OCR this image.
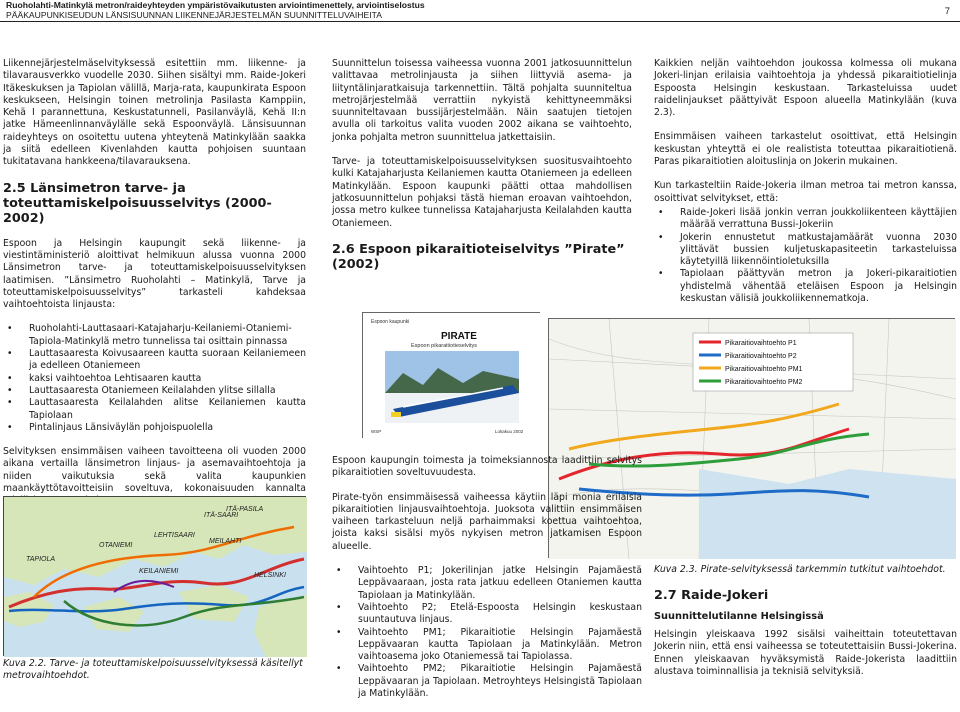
Ruoholahti-Matinkylä metron/raideyhteyden ympäristövaikutusten arviointimenettely, arviointiselostus
PÄÄKAUPUNKISEUDUN LÄNSISUUNNAN LIIKENNEJÄRJESTELMÄN SUUNNITTELUVAIHEITA	7

Liikennejärjestelmäselvityksessä esitettiin mm. liikenne- ja tilavarausverkko vuodelle 2030. Siihen sisältyi mm. Raide-Jokeri Itäkeskuksen ja Tapiolan välillä, Marja-rata, kaupunkirata Espoon keskukseen, Helsingin toinen metrolinja Pasilasta Kamppiin, Kehä I parannettuna, Keskustatunneli, Pasilanväylä, Kehä II:n jatke Hämeenlinnanväylälle sekä Espoonväylä. Länsisuunnan raideyhteys on osoitettu uutena yhteytenä Matinkylään saakka ja siitä edelleen Kivenlahden kautta pohjoisen suuntaan tukitatavana hankkeena/tilavarauksena.

2.5 Länsimetron tarve- ja toteuttamiskelpoisuusselvitys (2000-2002)

Espoon ja Helsingin kaupungit sekä liikenne- ja viestintäministeriö aloittivat helmikuun alussa vuonna 2000 Länsimetron tarve- ja toteuttamiskelpoisuusselvityksen laatimisen. ”Länsimetro Ruoholahti – Matinkylä, Tarve ja toteuttamiskelpoisuusselvitys” tarkasteli kahdeksaa vaihtoehtoista linjausta:

• Ruoholahti-Lauttasaari-Katajaharju-Keilaniemi-Otaniemi-Tapiola-Matinkylä metro tunnelissa tai osittain pinnassa
• Lauttasaaresta Koivusaareen kautta suoraan Keilaniemeen ja edelleen Otaniemeen
• kaksi vaihtoehtoa Lehtisaaren kautta
• Lauttasaaresta Otaniemeen Keilalahden ylitse sillalla
• Lauttasaaresta Keilalahden alitse Keilaniemen kautta Tapiolaan
• Pintalinjaus Länsiväylän pohjoispuolella

Selvityksen ensimmäisen vaiheen tavoitteena oli vuoden 2000 aikana vertailla länsimetron linjaus- ja asemavaihtoehtoja ja niiden vaikutuksia sekä valita kaupunkien maankäyttötavoitteisiin soveltuva, kokonaisuuden kannalta

ITÄ-PASILA
MEILAHTI
ITÄ-SAARI
TAPIOLA
OTANIEMI
KEILANIEMI
LEHTISAARI
HELSINKI
Kuva 2.2. Tarve- ja toteuttamiskelpoisuusselvityksessä käsitellyt metrovaihtoehdot.

Suunnittelun toisessa vaiheessa vuonna 2001 jatkosuunnittelun valittavaa metrolinjausta ja siihen liittyviä asema- ja liityntälinjaratkaisuja tarkennettiin. Tältä pohjalta suunniteltua metrojärjestelmää verrattiin nykyistä kehittyneemmäksi suunniteltavaan bussijärjestelmään. Näin saatujen tietojen avulla oli tarkoitus valita vuoden 2002 aikana se vaihtoehto, jonka pohjalta metron suunnittelua jatkettaisiin.

Tarve- ja toteuttamiskelpoisuusselvityksen suositusvaihtoehto kulki Katajaharjusta Keilaniemen kautta Otaniemeen ja edelleen Matinkylään. Espoon kaupunki päätti ottaa mahdollisen jatkosuunnittelun pohjaksi tästä hieman eroavan vaihtoehdon, jossa metro kulkee tunnelissa Katajaharjusta Keilalahden kautta Otaniemeen.

2.6 Espoon pikaraitioteiselvitys ”Pirate” (2002)
Espoon kaupunki
PIRATE
Espoon pikaraitiotieselvitys
WSP	Lokakuu 2002
Pikaraitiovaihtoehto P1
Pikaraitiovaihtoehto P2
Pikaraitiovaihtoehto PM1
Pikaraitiovaihtoehto PM2

Kaikkien neljän vaihtoehdon joukossa kolmessa oli mukana Jokeri-linjan erilaisia vaihtoehtoja ja yhdessä pikaraitiotielinja Espoosta Helsingin keskustaan. Tarkasteluissa uudet raidelinjaukset päättyivät Espoon alueella Matinkylään (kuva 2.3).

Ensimmäisen vaiheen tarkastelut osoittivat, että Helsingin keskustan yhteyttä ei ole realistista toteuttaa pikaraitiotienä. Paras pikaraitiotien aloituslinja on Jokerin mukainen.

Kun tarkasteltiin Raide-Jokeria ilman metroa tai metron kanssa, osoittivat selvitykset, että:

• Raide-Jokeri lisää jonkin verran joukkoliikenteen käyttäjien määrää verrattuna Bussi-Jokeriin
• Jokerin ennustetut matkustajamäärät vuonna 2030 ylittävät bussien kuljetuskapasiteetin tarkasteluissa käytetyillä liikennöintioletuksilla
• Tapiolaan päättyvän metron ja Jokeri-pikaraitiotien yhdistelmä vähentää eteläisen Espoon ja Helsingin keskustan välisiä joukkoliikennematkoja.
Kuva 2.3. Pirate-selvityksessä tarkemmin tutkitut vaihtoehdot.

Espoon kaupungin toimesta ja toimeksiannosta laadittiin selvitys pikaraitiotien soveltuvuudesta.

Pirate-työn ensimmäisessä vaiheessa käytiin läpi monia erilaisia pikaraitiotien linjausvaihtoehtoja. Juoksota valittiin ensimmäisen vaiheen tarkasteluun neljä parhaimmaksi koettua vaihtoehtoa, joista kaksi sisälsi myös nykyisen metron jatkamisen Espoon alueelle.

• Vaihtoehto P1; Jokerilinjan jatke Helsingin Pajamäestä Leppävaaraan, josta rata jatkuu edelleen Otaniemen kautta Tapiolaan ja Matinkylään.
• Vaihtoehto P2; Etelä-Espoosta Helsingin keskustaan suuntautuva linjaus.
• Vaihtoehto PM1; Pikaraitiotie Helsingin Pajamäestä Leppävaaran kautta Tapiolaan ja Matinkylään. Metron vaihtoasema joko Otaniemessä tai Tapiolassa.
• Vaihtoehto PM2; Pikaraitiotie Helsingin Pajamäestä Leppävaaran ja Tapiolaan. Metroyhteys Helsingistä Tapiolaan ja Matinkylään.
2.7 Raide-Jokeri
Suunnittelutilanne Helsingissä

Helsingin yleiskaava 1992 sisälsi vaiheittain toteutettavan Jokerin niin, että ensi vaiheessa se toteutettaisiin Bussi-Jokerina. Ennen yleiskaavan hyväksymistä Raide-Jokerista laadittiin alustava toiminnallisia ja teknisiä selvityksiä.
